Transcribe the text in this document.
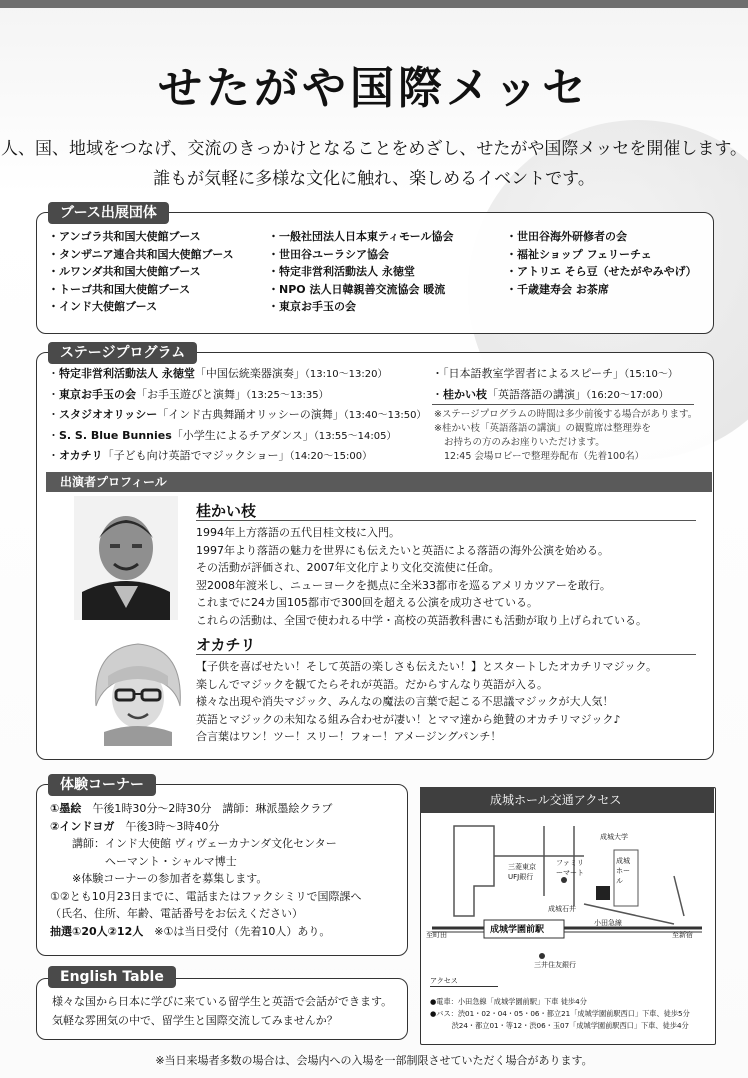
せたがや国際メッセ
人、国、地域をつなげ、交流のきっかけとなることをめざし、せたがや国際メッセを開催します。
誰もが気軽に多様な文化に触れ、楽しめるイベントです。
ブース出展団体
・ アンゴラ共和国大使館ブース
・ タンザニア連合共和国大使館ブース
・ ルワンダ共和国大使館ブース
・ トーゴ共和国大使館ブース
・ インド大使館ブース
・ 一般社団法人日本東ティモール協会
・ 世田谷ユーラシア協会
・ 特定非営利活動法人 永徳堂
・ NPO 法人日韓親善交流協会 暖流
・ 東京お手玉の会
・ 世田谷海外研修者の会
・ 福祉ショップ フェリーチェ
・ アトリエ そら豆（せたがやみやげ）
・ 千歳建寿会 お茶席
ステージプログラム
・特定非営利活動法人 永徳堂「中国伝統楽器演奏」（13:10～13:20）
・東京お手玉の会「お手玉遊びと演舞」（13:25～13:35）
・スタジオオリッシー「インド古典舞踊オリッシーの演舞」（13:40～13:50）
・S. S. Blue Bunnies「小学生によるチアダンス」（13:55～14:05）
・オカチリ「子ども向け英語でマジックショー」（14:20～15:00）
・「日本語教室学習者によるスピーチ」（15:10～）
・桂かい枝「英語落語の講演」（16:20～17:00）
※ステージプログラムの時間は多少前後する場合があります。
※桂かい枝「英語落語の講演」の観覧席は整理券を
お持ちの方のみお座りいただけます。
12:45 会場ロビーで整理券配布（先着100名）
出演者プロフィール
桂かい枝
1994年上方落語の五代目桂文枝に入門。
1997年より落語の魅力を世界にも伝えたいと英語による落語の海外公演を始める。
その活動が評価され、2007年文化庁より文化交流使に任命。
翌2008年渡米し、ニューヨークを拠点に全米33都市を巡るアメリカツアーを敢行。
これまでに24カ国105都市で300回を超える公演を成功させている。
これらの活動は、全国で使われる中学・高校の英語教科書にも活動が取り上げられている。
オカチリ
【子供を喜ばせたい！そして英語の楽しさも伝えたい！】とスタートしたオカチリマジック。
楽しんでマジックを観てたらそれが英語。だからすんなり英語が入る。
様々な出現や消失マジック、みんなの魔法の言葉で起こる不思議マジックが大人気！
英語とマジックの未知なる組み合わせが凄い！とママ達から絶賛のオカチリマジック♪
合言葉はワン！ツー！スリー！フォー！アメージングパンチ！
体験コーナー
①墨絵　午後1時30分～2時30分　講師：琳派墨絵クラブ
②インドヨガ　午後3時～3時40分
　　講師：インド大使館 ヴィヴェーカナンダ文化センター
　　　　　ヘーマント・シャルマ博士
　　※体験コーナーの参加者を募集します。
①②とも10月23日までに、電話またはファクシミリで国際課へ
（氏名、住所、年齢、電話番号をお伝えください）
抽選①20人②12人　※①は当日受付（先着10人）あり。
成城ホール交通アクセス
成城大学
成城ホール
三菱東京UFJ銀行
ファミリーマート
成城石井
小田急線
至町田	成城学園前駅	至新宿
三井住友銀行
アクセス
●電車：小田急線「成城学園前駅」下車 徒歩4分
●バス：渋01・02・04・05・06・都立21「成城学園前駅西口」下車、徒歩5分
　　　渋24・都立01・等12・渋06・玉07「成城学園前駅西口」下車、徒歩4分
English Table
様々な国から日本に学びに来ている留学生と英語で会話ができます。
気軽な雰囲気の中で、留学生と国際交流してみませんか？
※当日来場者多数の場合は、会場内への入場を一部制限させていただく場合があります。
